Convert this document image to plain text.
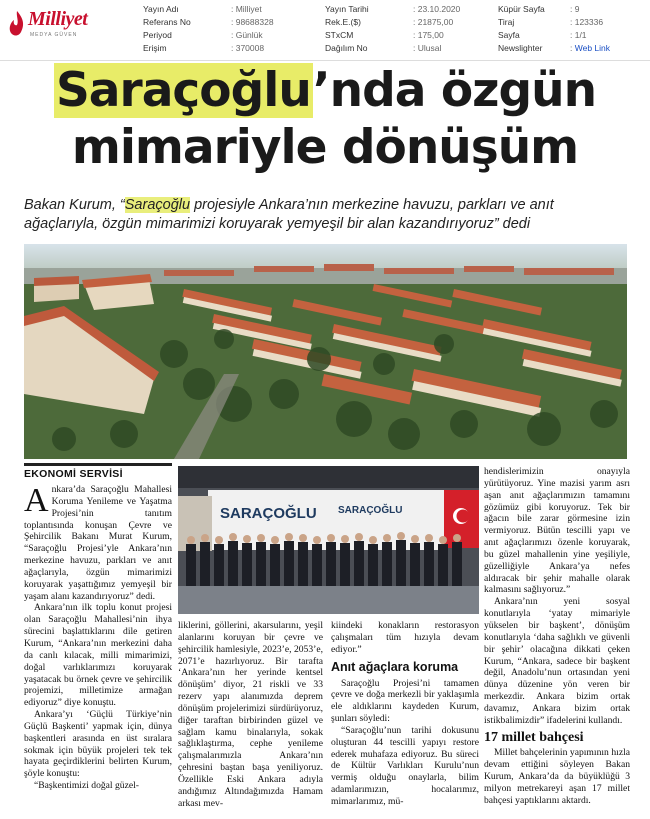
Milliyet
MEDYA GÜVEN
Yayın Adı	: Milliyet
Referans No	: 98688328
Periyod	: Günlük
Erişim	: 370008
Yayın Tarihi	: 23.10.2020
Rek.E.($)	: 21875,00
STxCM	: 175,00
Dağılım No	: Ulusal
Küpür Sayfa	: 9
Tiraj	: 123336
Sayfa	: 1/1
Newslighter	: Web Link
Saraçoğlu’nda özgün
mimariyle dönüşüm
Bakan Kurum, “Saraçoğlu projesiyle Ankara’nın merkezine havuzu, parkları ve anıt ağaçlarıyla, özgün mimarimizi koruyarak yemyeşil bir alan kazandırıyoruz” dedi
EKONOMİ SERVİSİ
SARAÇOĞLU SARAÇOĞLU

Ankara’da Saraçoğlu Mahallesi Koruma Yenileme ve Yaşatma Projesi’nin tanıtım toplantısında konuşan Çevre ve Şehircilik Bakanı Murat Kurum, “Saraçoğlu Projesi’yle Ankara’nın merkezine havuzu, parkları ve anıt ağaçlarıyla, özgün mimarimizi koruyarak yaşattığımız yemyeşil bir yaşam alanı kazandırıyoruz” dedi.

Ankara’nın ilk toplu konut projesi olan Saraçoğlu Mahallesi’nin ihya sürecini başlattıklarını dile getiren Kurum, “Ankara’nın merkezini daha da canlı kılacak, milli mimarimizi, doğal varlıklarımızı koruyarak yaşatacak bu örnek çevre ve şehircilik projemizi, milletimize armağan ediyoruz” diye konuştu.

Ankara’yı ‘Güçlü Türkiye’nin Güçlü Başkenti’ yapmak için, dünya başkentleri arasında en üst sıralara sokmak için büyük projeleri tek tek hayata geçirdiklerini belirten Kurum, şöyle konuştu:

“Başkentimizi doğal güzel-

liklerini, göllerini, akarsularını, yeşil alanlarını koruyan bir çevre ve şehircilik hamlesiyle, 2023’e, 2053’e, 2071’e hazırlıyoruz. Bir tarafta ‘Ankara’nın her yerinde kentsel dönüşüm’ diyor, 21 riskli ve 33 rezerv yapı alanımızda deprem dönüşüm projelerimizi sürdürüyoruz, diğer taraftan birbirinden güzel ve sağlam kamu binalarıyla, sokak sağlıklaştırma, cephe yenileme çalışmalarımızla Ankara’nın çehresini baştan başa yeniliyoruz. Özellikle Eski Ankara adıyla andığımız Altındağımızda Hamam arkası mev-

kiindeki konakların restorasyon çalışmaları tüm hızıyla devam ediyor.”

Anıt ağaçlara koruma

Saraçoğlu Projesi’ni tamamen çevre ve doğa merkezli bir yaklaşımla ele aldıklarını kaydeden Kurum, şunları söyledi:

“Saraçoğlu’nun tarihi dokusunu oluşturan 44 tescilli yapıyı restore ederek muhafaza ediyoruz. Bu süreci de Kültür Varlıkları Kurulu’nun vermiş olduğu onaylarla, bilim adamlarımızın, hocalarımız, mimarlarımız, mü-

hendislerimizin onayıyla yürütüyoruz. Yine mazisi yarım asrı aşan anıt ağaçlarımızın tamamını gözümüz gibi koruyoruz. Tek bir ağacın bile zarar görmesine izin vermiyoruz. Bütün tescilli yapı ve anıt ağaçlarımızı özenle koruyarak, bu güzel mahallenin yine yeşiliyle, güzelliğiyle Ankara’ya nefes aldıracak bir şehir mahalle olarak kalmasını sağlıyoruz.”

Ankara’nın yeni sosyal konutlarıyla ‘yatay mimariyle yükselen bir başkent’, dönüşüm konutlarıyla ‘daha sağlıklı ve güvenli bir şehir’ olacağına dikkati çeken Kurum, “Ankara, sadece bir başkent değil, Anadolu’nun ortasından yeni dünya düzenine yön veren bir merkezdir. Ankara bizim ortak davamız, Ankara bizim ortak istikbalimizdir” ifadelerini kullandı.

17 millet bahçesi

Millet bahçelerinin yapımının hızla devam ettiğini söyleyen Bakan Kurum, Ankara’da da büyüklüğü 3 milyon metrekareyi aşan 17 millet bahçesi yaptıklarını aktardı.
